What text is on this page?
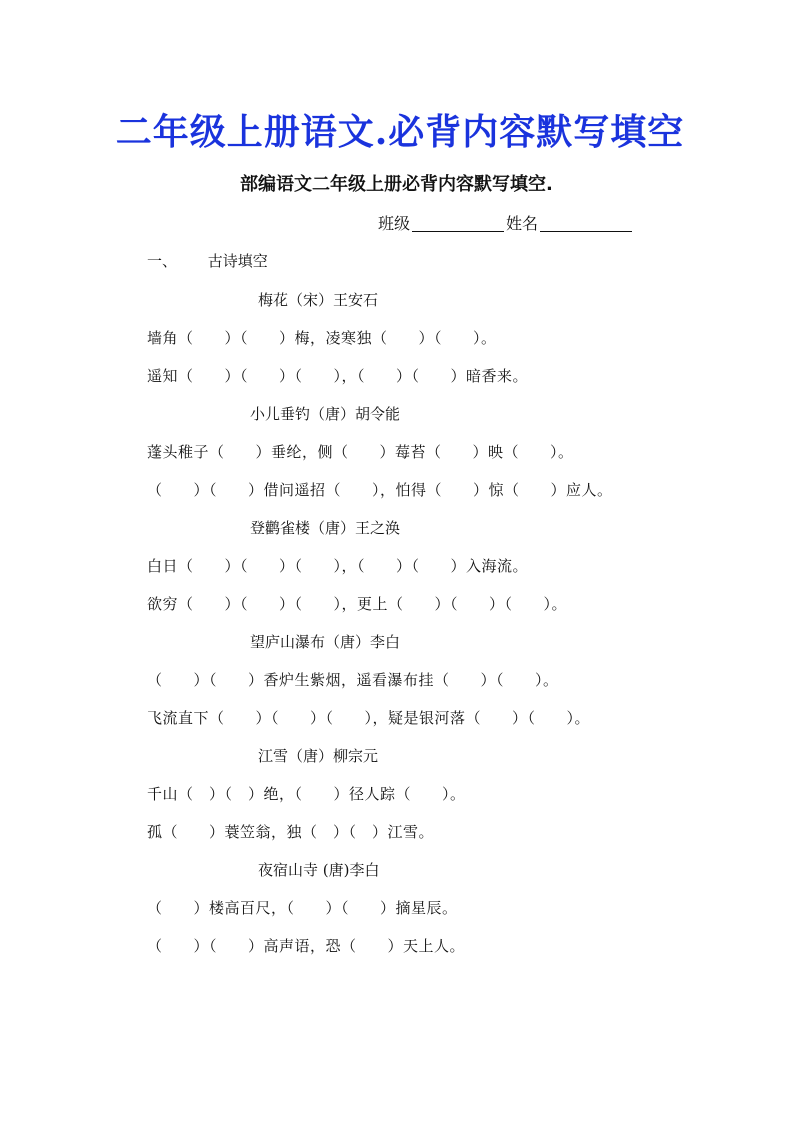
二年级上册语文.必背内容默写填空
部编语文二年级上册必背内容默写填空.
班级	姓名
一、 古诗填空
梅花（宋）王安石
墙角（　　）（　　）梅，凌寒独（　　）（　　）。
遥知（　　）（　　）（　　），（　　）（　　）暗香来。
小儿垂钓（唐）胡令能
蓬头稚子（　　）垂纶，侧（　　）莓苔（　　）映（　　）。
（　　）（　　）借问遥招（　　），怕得（　　）惊（　　）应人。
登鹳雀楼（唐）王之涣
白日（　　）（　　）（　　），（　　）（　　）入海流。
欲穷（　　）（　　）（　　），更上（　　）（　　）（　　）。
望庐山瀑布（唐）李白
（　　）（　　）香炉生紫烟，遥看瀑布挂（　　）（　　）。
飞流直下（　　）（　　）（　　），疑是银河落（　　）（　　）。
江雪（唐）柳宗元
千山（　）（　）绝，（　　）径人踪（　　）。
孤（　　）蓑笠翁，独（　）（　）江雪。
夜宿山寺 (唐)李白
（　　）楼高百尺，（　　）（　　）摘星辰。
（　　）（　　）高声语，恐（　　）天上人。
